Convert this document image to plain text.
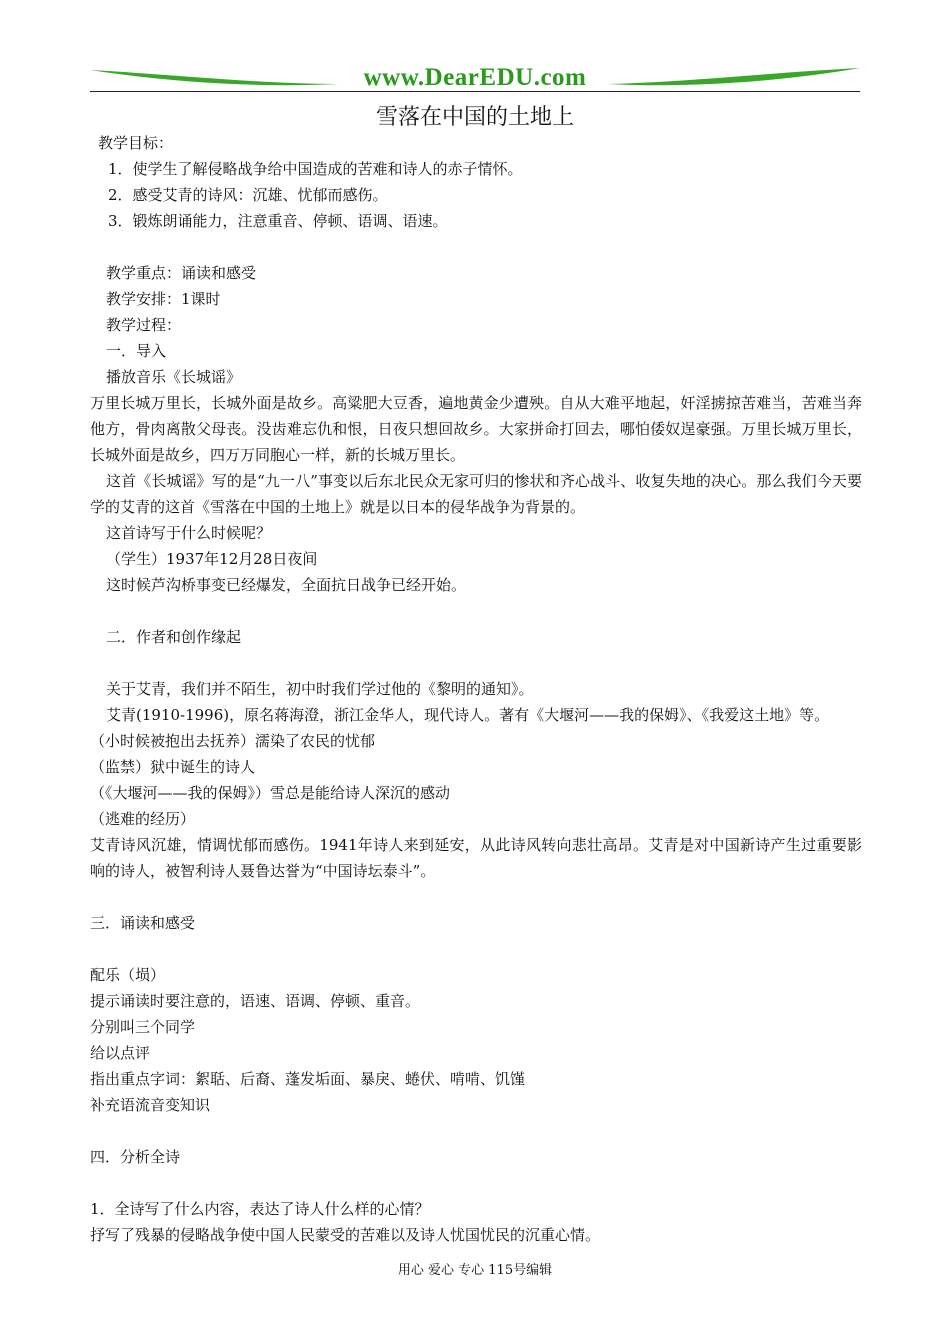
www.DearEDU.com
雪落在中国的土地上

教学目标：

1．使学生了解侵略战争给中国造成的苦难和诗人的赤子情怀。

2．感受艾青的诗风：沉雄、忧郁而感伤。

3．锻炼朗诵能力，注意重音、停顿、语调、语速。

教学重点：诵读和感受

教学安排：1课时

教学过程：

一．导入

播放音乐《长城谣》

万里长城万里长，长城外面是故乡。高粱肥大豆香，遍地黄金少遭殃。自从大难平地起，奸淫掳掠苦难当，苦难当奔他方，骨肉离散父母丧。没齿难忘仇和恨，日夜只想回故乡。大家拼命打回去，哪怕倭奴逞豪强。万里长城万里长，长城外面是故乡，四万万同胞心一样，新的长城万里长。

这首《长城谣》写的是“九一八”事变以后东北民众无家可归的惨状和齐心战斗、收复失地的决心。那么我们今天要学的艾青的这首《雪落在中国的土地上》就是以日本的侵华战争为背景的。

这首诗写于什么时候呢？

（学生）1937年12月28日夜间

这时候芦沟桥事变已经爆发，全面抗日战争已经开始。

二．作者和创作缘起

关于艾青，我们并不陌生，初中时我们学过他的《黎明的通知》。

艾青(1910-1996)，原名蒋海澄，浙江金华人，现代诗人。著有《大堰河——我的保姆》、《我爱这土地》等。

（小时候被抱出去抚养）濡染了农民的忧郁

（监禁）狱中诞生的诗人

（《大堰河——我的保姆》）雪总是能给诗人深沉的感动

（逃难的经历）

艾青诗风沉雄，情调忧郁而感伤。1941年诗人来到延安，从此诗风转向悲壮高昂。艾青是对中国新诗产生过重要影响的诗人，被智利诗人聂鲁达誉为“中国诗坛泰斗”。

三．诵读和感受

配乐（埙）

提示诵读时要注意的，语速、语调、停顿、重音。

分别叫三个同学

给以点评

指出重点字词：絮聒、后裔、蓬发垢面、暴戾、蜷伏、啃啃、饥馑

补充语流音变知识

四．分析全诗

1．全诗写了什么内容，表达了诗人什么样的心情？

抒写了残暴的侵略战争使中国人民蒙受的苦难以及诗人忧国忧民的沉重心情。

用心 爱心 专心 115号编辑
